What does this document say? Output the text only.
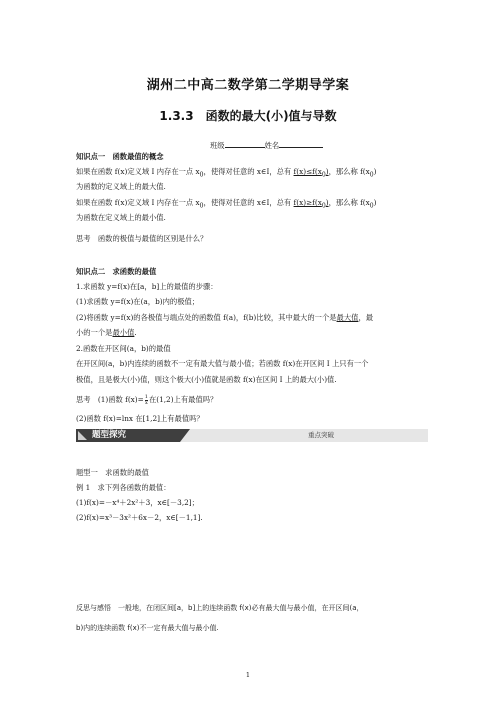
湖州二中高二数学第二学期导学案
1.3.3　函数的最大(小)值与导数
班级	姓名
知识点一　函数最值的概念
如果在函数 f(x)定义域 I 内存在一点 $x_0$，使得对任意的 x∈I，总有 $f(x)\le f(x_0)$，那么称 $f(x_0)$
为函数的定义域上的最大值.
如果在函数 f(x)定义域 I 内存在一点 $x_0$，使得对任意的 x∈I，总有 $f(x)\ge f(x_0)$，那么称 $f(x_0)$
为函数在定义域上的最小值.
思考　函数的极值与最值的区别是什么？
知识点二　求函数的最值
1.求函数 y=f(x)在[a，b]上的最值的步骤：
(1)求函数 y=f(x)在(a，b)内的极值；
(2)将函数 y=f(x)的各极值与端点处的函数值 f(a)，f(b)比较，其中最大的一个是最大值，最
小的一个是最小值.
2.函数在开区间(a，b)的最值
在开区间(a，b)内连续的函数不一定有最大值与最小值；若函数 f(x)在开区间 I 上只有一个
极值，且是极大(小)值，则这个极大(小)值就是函数 f(x)在区间 I 上的最大(小)值.
思考　(1)函数 $f(x)= \frac{1}{x}$ 在(1,2)上有最值吗？
(2)函数 f(x)=lnx 在[1,2]上有最值吗？
题型探究	重点突破
题型一　求函数的最值
例 1　求下列各函数的最值：
(1)f(x)=－x⁴＋2x²＋3，x∈[－3,2]；
(2)f(x)=x³－3x²＋6x－2，x∈[－1,1].
反思与感悟　一般地，在闭区间[a，b]上的连续函数 f(x)必有最大值与最小值，在开区间(a，
b)内的连续函数 f(x)不一定有最大值与最小值.
1
